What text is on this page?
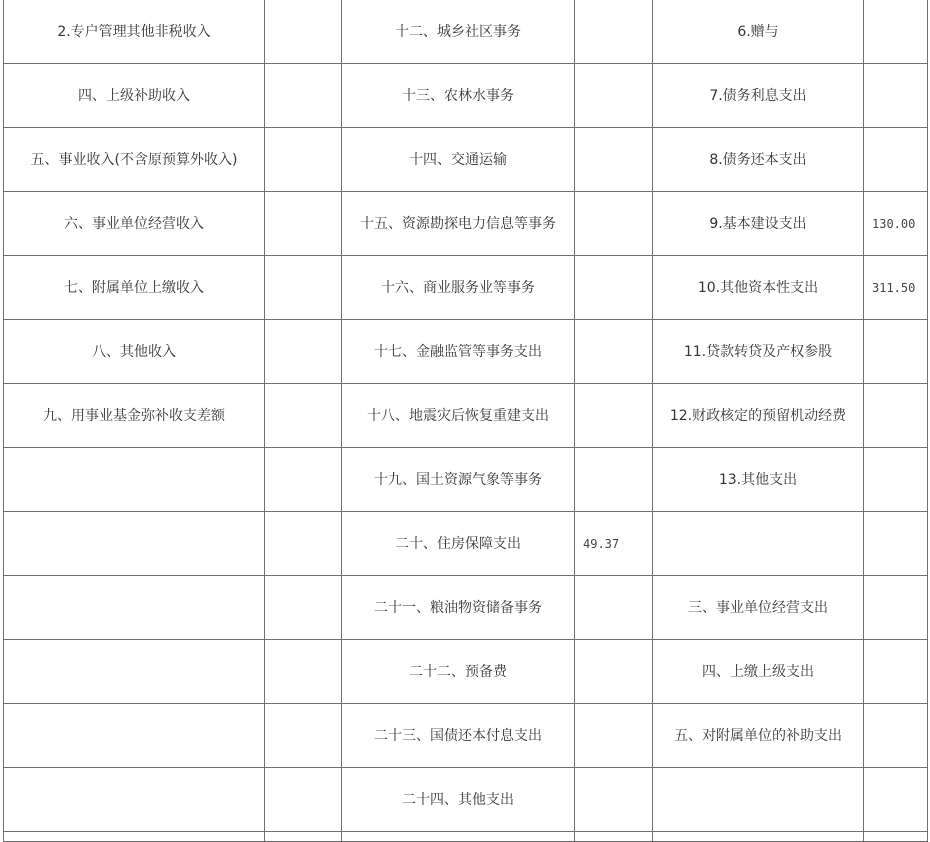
2.专户管理其他非税收入		十二、城乡社区事务		6.赠与	
四、上级补助收入		十三、农林水事务		7.债务利息支出	
五、事业收入(不含原预算外收入)		十四、交通运输		8.债务还本支出	
六、事业单位经营收入		十五、资源勘探电力信息等事务		9.基本建设支出	130.00
七、附属单位上缴收入		十六、商业服务业等事务		10.其他资本性支出	311.50
八、其他收入		十七、金融监管等事务支出		11.贷款转贷及产权参股	
九、用事业基金弥补收支差额		十八、地震灾后恢复重建支出		12.财政核定的预留机动经费	
		十九、国土资源气象等事务		13.其他支出	
		二十、住房保障支出	49.37		
		二十一、粮油物资储备事务		三、事业单位经营支出	
		二十二、预备费		四、上缴上级支出	
		二十三、国债还本付息支出		五、对附属单位的补助支出	
		二十四、其他支出			
